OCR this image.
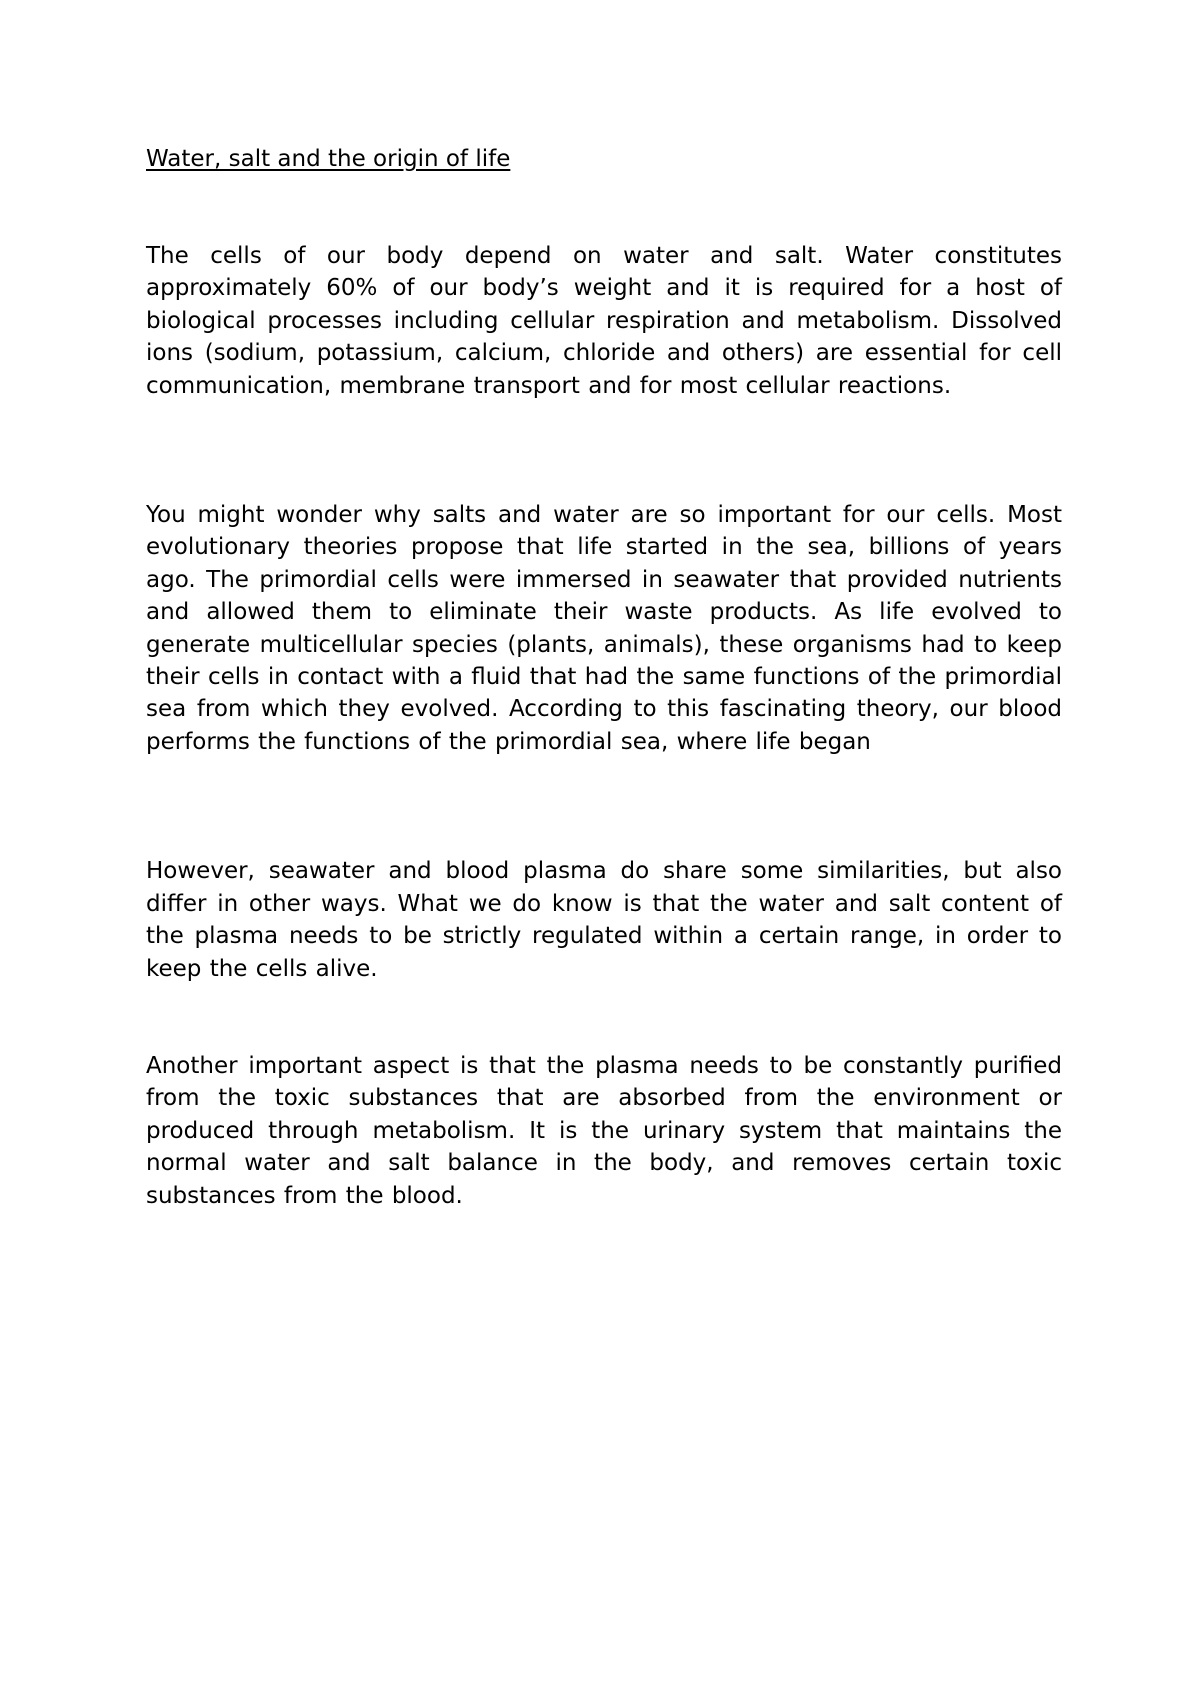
Water, salt and the origin of life

The cells of our body depend on water and salt. Water constitutes approximately 60% of our body’s weight and it is required for a host of biological processes including cellular respiration and metabolism. Dissolved ions (sodium, potassium, calcium, chloride and others) are essential for cell communication, membrane transport and for most cellular reactions.

You might wonder why salts and water are so important for our cells. Most evolutionary theories propose that life started in the sea, billions of years ago. The primordial cells were immersed in seawater that provided nutrients and allowed them to eliminate their waste products. As life evolved to generate multicellular species (plants, animals), these organisms had to keep their cells in contact with a fluid that had the same functions of the primordial sea from which they evolved. According to this fascinating theory, our blood performs the functions of the primordial sea, where life began

However, seawater and blood plasma do share some similarities, but also differ in other ways. What we do know is that the water and salt content of the plasma needs to be strictly regulated within a certain range, in order to keep the cells alive.

Another important aspect is that the plasma needs to be constantly purified from the toxic substances that are absorbed from the environment or produced through metabolism. It is the urinary system that maintains the normal water and salt balance in the body, and removes certain toxic substances from the blood.
